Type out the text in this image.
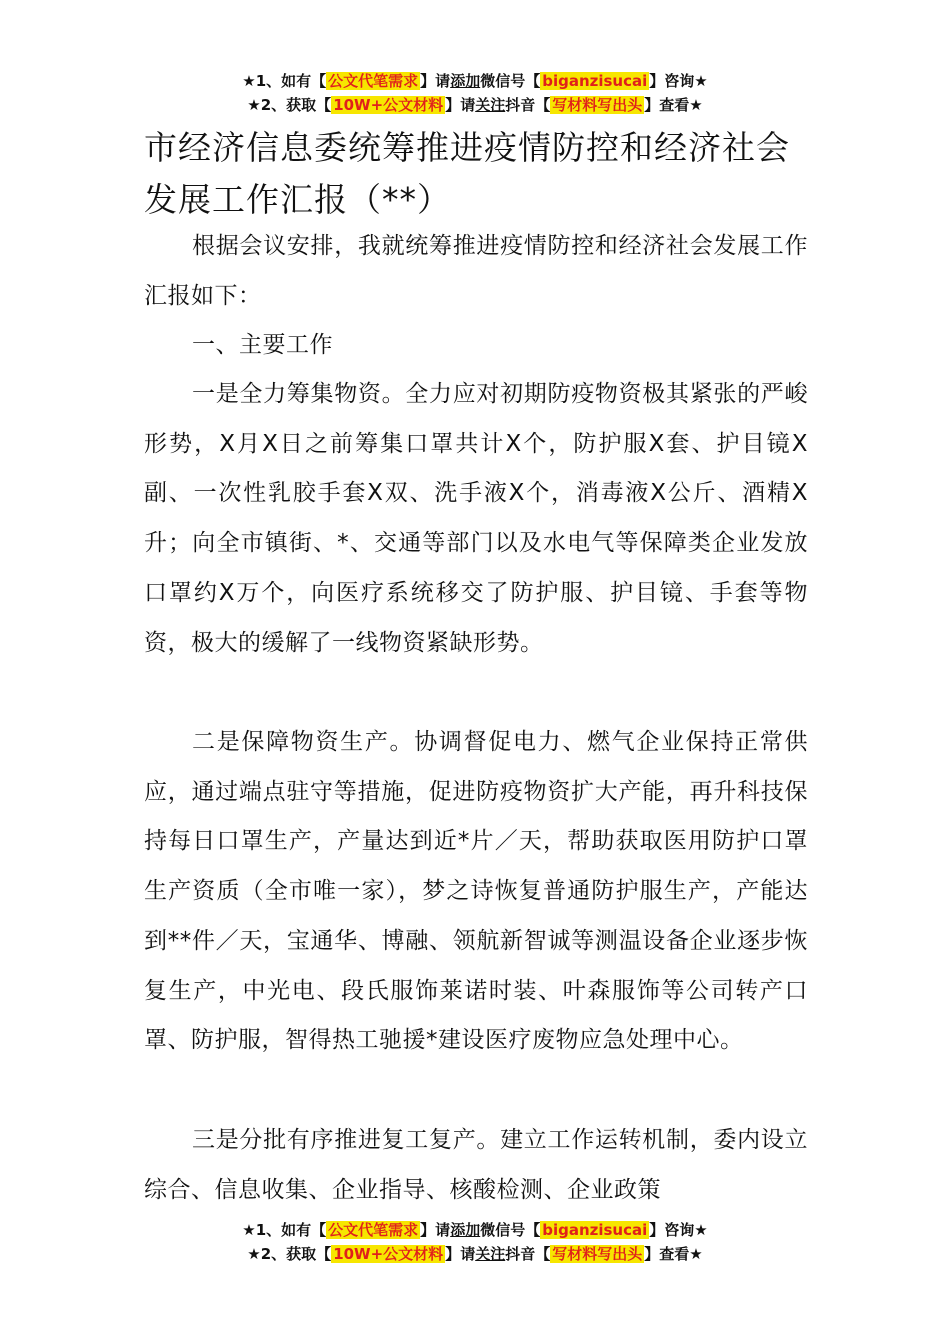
★1、如有【 公文代笔需求 】请添加微信号【 biganzisucai 】咨询★
★2、获取【 10W+公文材料 】请关注抖音【 写材料写出头 】查看★
市经济信息委统筹推进疫情防控和经济社会发展工作汇报（**）
根据会议安排，我就统筹推进疫情防控和经济社会发展工作汇报如下：
一、主要工作
一是全力筹集物资。全力应对初期防疫物资极其紧张的严峻形势，X月X日之前筹集口罩共计X个，防护服X套、护目镜X副、一次性乳胶手套X双、洗手液X个，消毒液X公斤、酒精X升；向全市镇街、*、交通等部门以及水电气等保障类企业发放口罩约X万个，向医疗系统移交了防护服、护目镜、手套等物资，极大的缓解了一线物资紧缺形势。
二是保障物资生产。协调督促电力、燃气企业保持正常供应，通过端点驻守等措施，促进防疫物资扩大产能，再升科技保持每日口罩生产，产量达到近*片／天，帮助获取医用防护口罩生产资质（全市唯一家），梦之诗恢复普通防护服生产，产能达到**件／天，宝通华、博融、领航新智诚等测温设备企业逐步恢复生产，中光电、段氏服饰莱诺时装、叶森服饰等公司转产口罩、防护服，智得热工驰援*建设医疗废物应急处理中心。
三是分批有序推进复工复产。建立工作运转机制，委内设立综合、信息收集、企业指导、核酸检测、企业政策
★1、如有【 公文代笔需求 】请添加微信号【 biganzisucai 】咨询★
★2、获取【 10W+公文材料 】请关注抖音【 写材料写出头 】查看★
